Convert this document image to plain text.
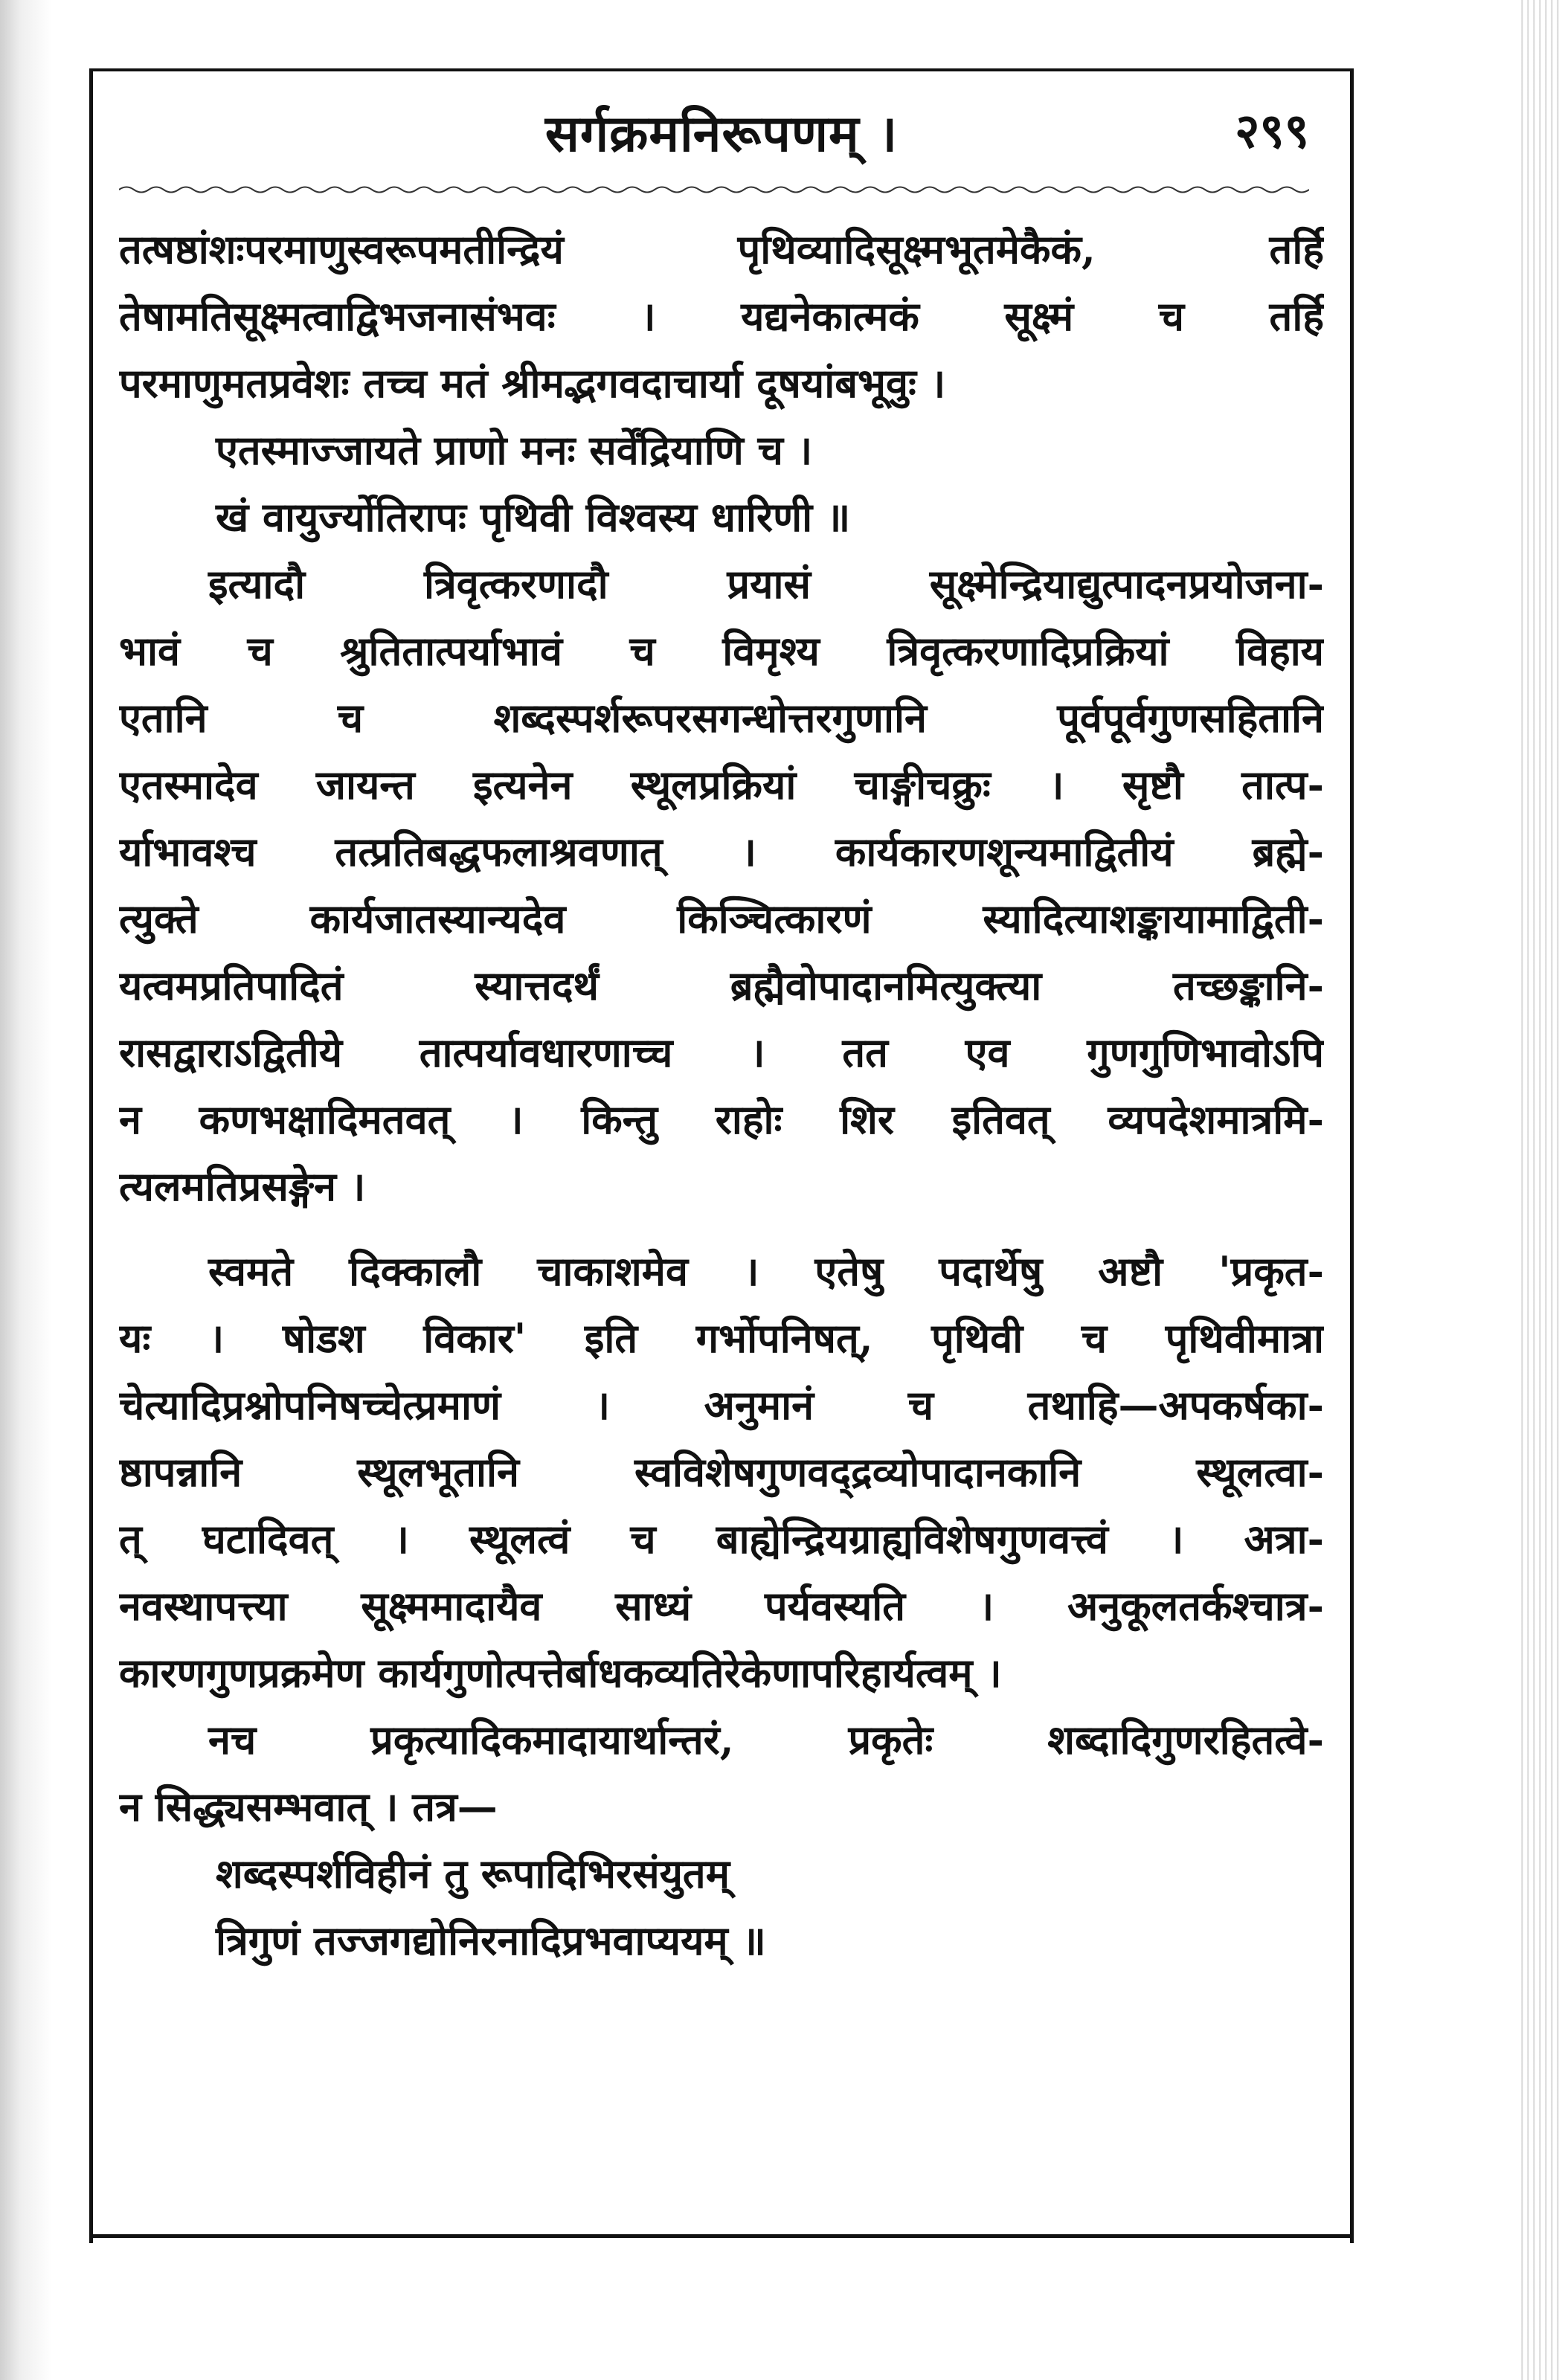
सर्गक्रमनिरूपणम् ।	२९९
तत्षष्ठांशःपरमाणुस्वरूपमतीन्द्रियं पृथिव्यादिसूक्ष्मभूतमेकैकं, तर्हि
तेषामतिसूक्ष्मत्वाद्विभजनासंभवः । यद्यनेकात्मकं सूक्ष्मं च तर्हि
परमाणुमतप्रवेशः तच्च मतं श्रीमद्भगवदाचार्या दूषयांबभूवुः ।
एतस्माज्जायते प्राणो मनः सर्वेंद्रियाणि च ।
खं वायुर्ज्योतिरापः पृथिवी विश्वस्य धारिणी ॥
इत्यादौ त्रिवृत्करणादौ प्रयासं सूक्ष्मेन्द्रियाद्युत्पादनप्रयोजना-
भावं च श्रुतितात्पर्याभावं च विमृश्य त्रिवृत्करणादिप्रक्रियां विहाय
एतानि च शब्दस्पर्शरूपरसगन्धोत्तरगुणानि पूर्वपूर्वगुणसहितानि
एतस्मादेव जायन्त इत्यनेन स्थूलप्रक्रियां चाङ्गीचक्रुः । सृष्टौ तात्प-
र्याभावश्च तत्प्रतिबद्धफलाश्रवणात् । कार्यकारणशून्यमाद्वितीयं ब्रह्मे-
त्युक्ते कार्यजातस्यान्यदेव किञ्चित्कारणं स्यादित्याशङ्कायामाद्विती-
यत्वमप्रतिपादितं स्यात्तदर्थं ब्रह्मैवोपादानमित्युक्त्या तच्छङ्कानि-
रासद्वाराऽद्वितीये तात्पर्यावधारणाच्च । तत एव गुणगुणिभावोऽपि
न कणभक्षादिमतवत् । किन्तु राहोः शिर इतिवत् व्यपदेशमात्रमि-
त्यलमतिप्रसङ्गेन ।
स्वमते दिक्कालौ चाकाशमेव । एतेषु पदार्थेषु अष्टौ 'प्रकृत-
यः । षोडश विकार' इति गर्भोपनिषत्, पृथिवी च पृथिवीमात्रा
चेत्यादिप्रश्नोपनिषच्चेत्प्रमाणं । अनुमानं च तथाहि—अपकर्षका-
ष्ठापन्नानि स्थूलभूतानि स्वविशेषगुणवद्द्रव्योपादानकानि स्थूलत्वा-
त् घटादिवत् । स्थूलत्वं च बाह्येन्द्रियग्राह्यविशेषगुणवत्त्वं । अत्रा-
नवस्थापत्त्या सूक्ष्ममादायैव साध्यं पर्यवस्यति । अनुकूलतर्कश्चात्र-
कारणगुणप्रक्रमेण कार्यगुणोत्पत्तेर्बाधकव्यतिरेकेणापरिहार्यत्वम् ।
नच प्रकृत्यादिकमादायार्थान्तरं, प्रकृतेः शब्दादिगुणरहितत्वे-
न सिद्ध्यसम्भवात् । तत्र—
शब्दस्पर्शविहीनं तु रूपादिभिरसंयुतम्
त्रिगुणं तज्जगद्योनिरनादिप्रभवाप्ययम् ॥
